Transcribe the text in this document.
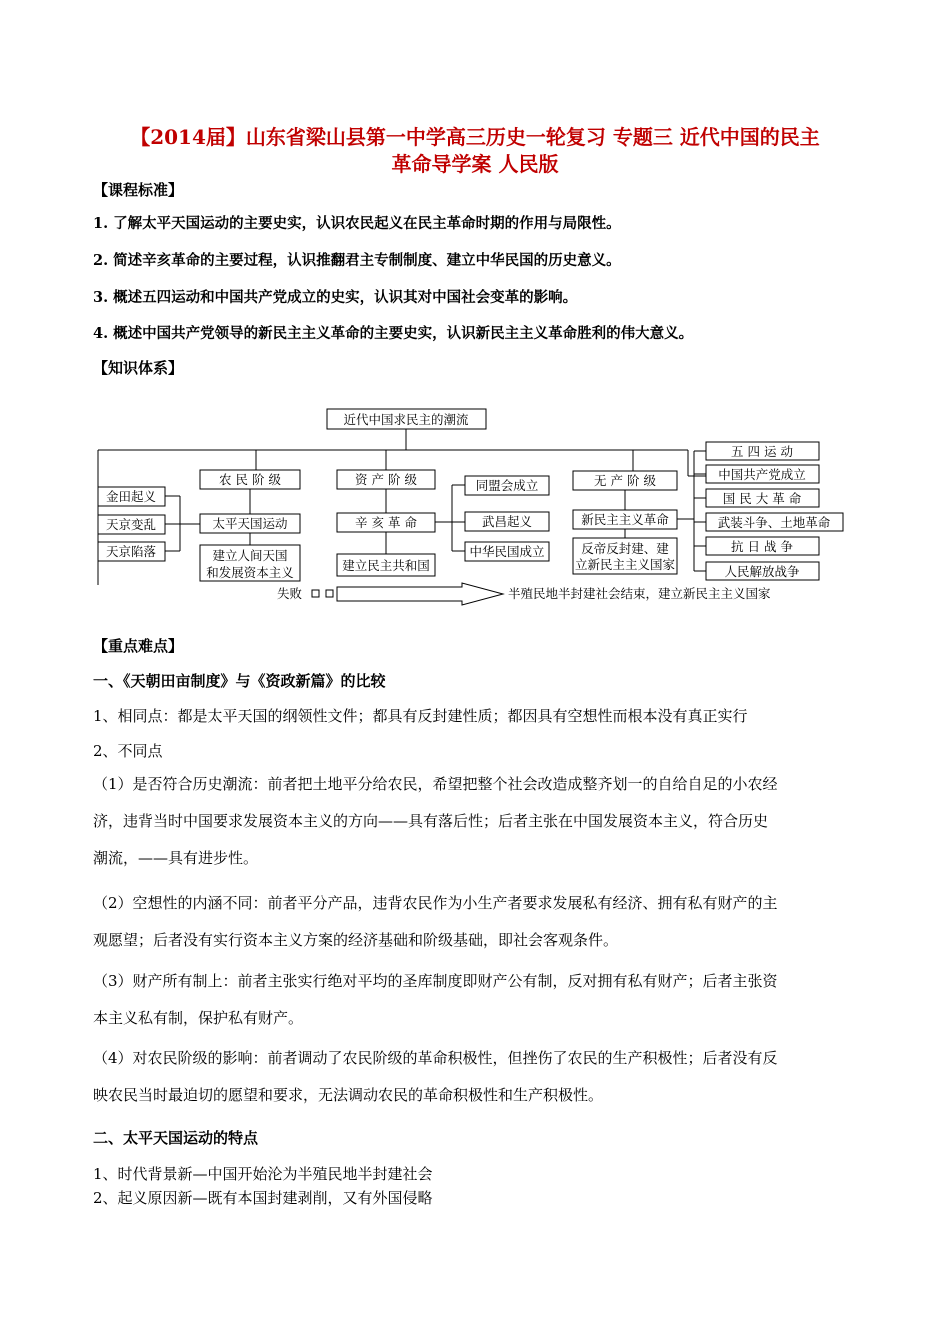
【2014届】山东省梁山县第一中学高三历史一轮复习 专题三 近代中国的民主
革命导学案 人民版
【课程标准】
1. 了解太平天国运动的主要史实，认识农民起义在民主革命时期的作用与局限性。
2. 简述辛亥革命的主要过程，认识推翻君主专制制度、建立中华民国的历史意义。
3. 概述五四运动和中国共产党成立的史实，认识其对中国社会变革的影响。
4. 概述中国共产党领导的新民主主义革命的主要史实，认识新民主主义革命胜利的伟大意义。
【知识体系】
近代中国求民主的潮流
农 民 阶 级	资 产 阶 级	无 产 阶 级
太平天国运动	辛 亥 革 命	新民主主义革命
建立人间天国
和发展资本主义	建立民主共和国
反帝反封建、建
立新民主主义国家
金田起义
天京变乱
天京陷落
同盟会成立
武昌起义
中华民国成立
五 四 运 动
中国共产党成立
国 民 大 革 命
武装斗争、土地革命
抗 日 战 争
人民解放战争
失败	半殖民地半封建社会结束，建立新民主主义国家
【重点难点】
一、《天朝田亩制度》与《资政新篇》的比较
1、相同点：都是太平天国的纲领性文件；都具有反封建性质；都因具有空想性而根本没有真正实行
2、不同点
（1）是否符合历史潮流：前者把土地平分给农民，希望把整个社会改造成整齐划一的自给自足的小农经
济，违背当时中国要求发展资本主义的方向——具有落后性；后者主张在中国发展资本主义，符合历史
潮流，——具有进步性。
（2）空想性的内涵不同：前者平分产品，违背农民作为小生产者要求发展私有经济、拥有私有财产的主
观愿望；后者没有实行资本主义方案的经济基础和阶级基础，即社会客观条件。
（3）财产所有制上：前者主张实行绝对平均的圣库制度即财产公有制，反对拥有私有财产；后者主张资
本主义私有制，保护私有财产。
（4）对农民阶级的影响：前者调动了农民阶级的革命积极性，但挫伤了农民的生产积极性；后者没有反
映农民当时最迫切的愿望和要求，无法调动农民的革命积极性和生产积极性。
二、太平天国运动的特点
1、时代背景新—中国开始沦为半殖民地半封建社会
2、起义原因新—既有本国封建剥削，又有外国侵略
